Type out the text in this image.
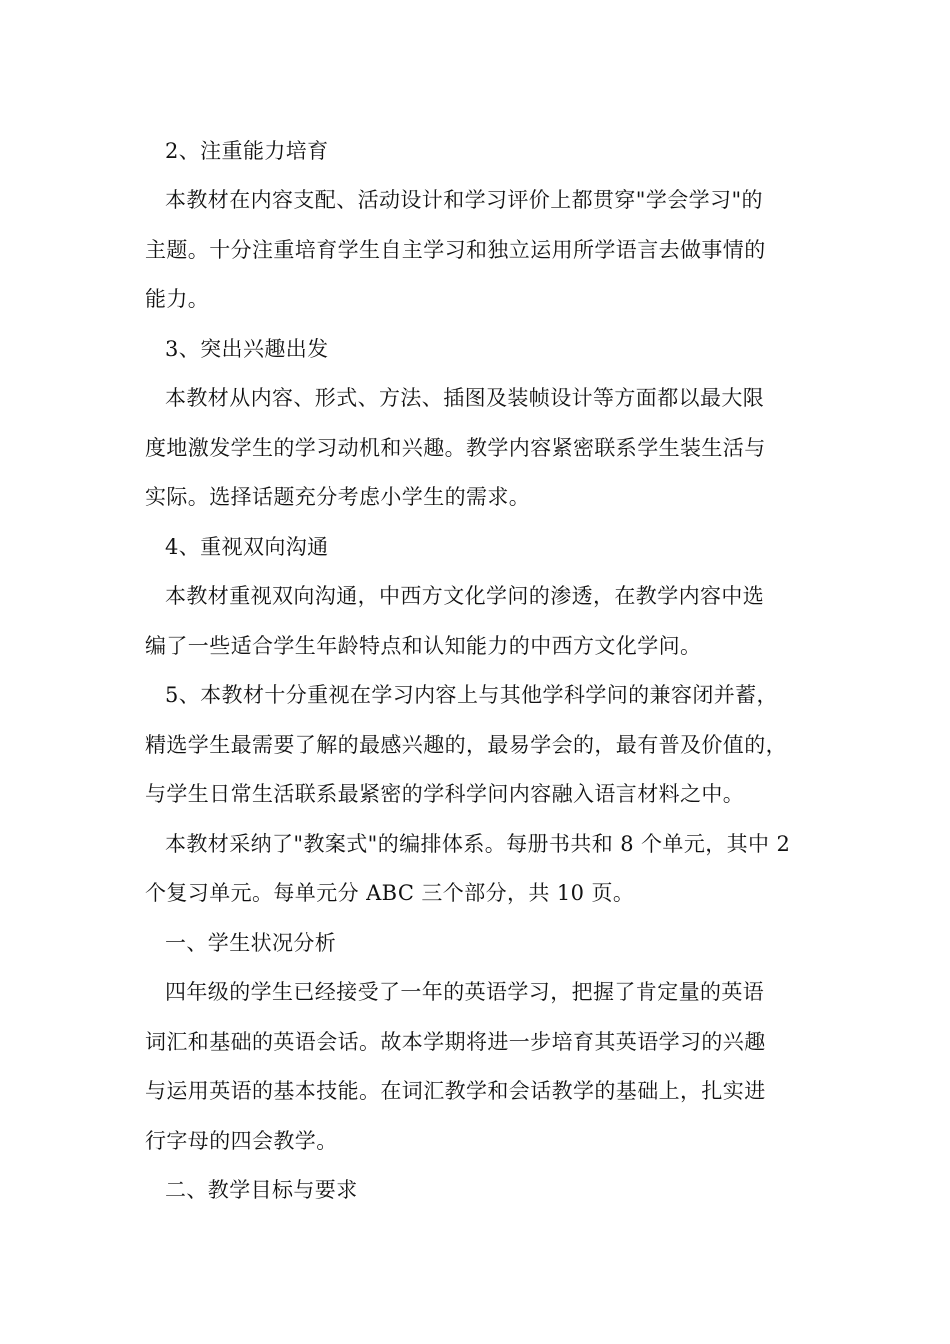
2、注重能力培育
本教材在内容支配、活动设计和学习评价上都贯穿"学会学习"的
主题。十分注重培育学生自主学习和独立运用所学语言去做事情的
能力。
3、突出兴趣出发
本教材从内容、形式、方法、插图及装帧设计等方面都以最大限
度地激发学生的学习动机和兴趣。教学内容紧密联系学生装生活与
实际。选择话题充分考虑小学生的需求。
4、重视双向沟通
本教材重视双向沟通，中西方文化学问的渗透，在教学内容中选
编了一些适合学生年龄特点和认知能力的中西方文化学问。
5、本教材十分重视在学习内容上与其他学科学问的兼容闭并蓄，
精选学生最需要了解的最感兴趣的，最易学会的，最有普及价值的，
与学生日常生活联系最紧密的学科学问内容融入语言材料之中。
本教材采纳了"教案式"的编排体系。每册书共和 8 个单元，其中 2
个复习单元。每单元分 ABC 三个部分，共 10 页。
一、学生状况分析
四年级的学生已经接受了一年的英语学习，把握了肯定量的英语
词汇和基础的英语会话。故本学期将进一步培育其英语学习的兴趣
与运用英语的基本技能。在词汇教学和会话教学的基础上，扎实进
行字母的四会教学。
二、教学目标与要求
